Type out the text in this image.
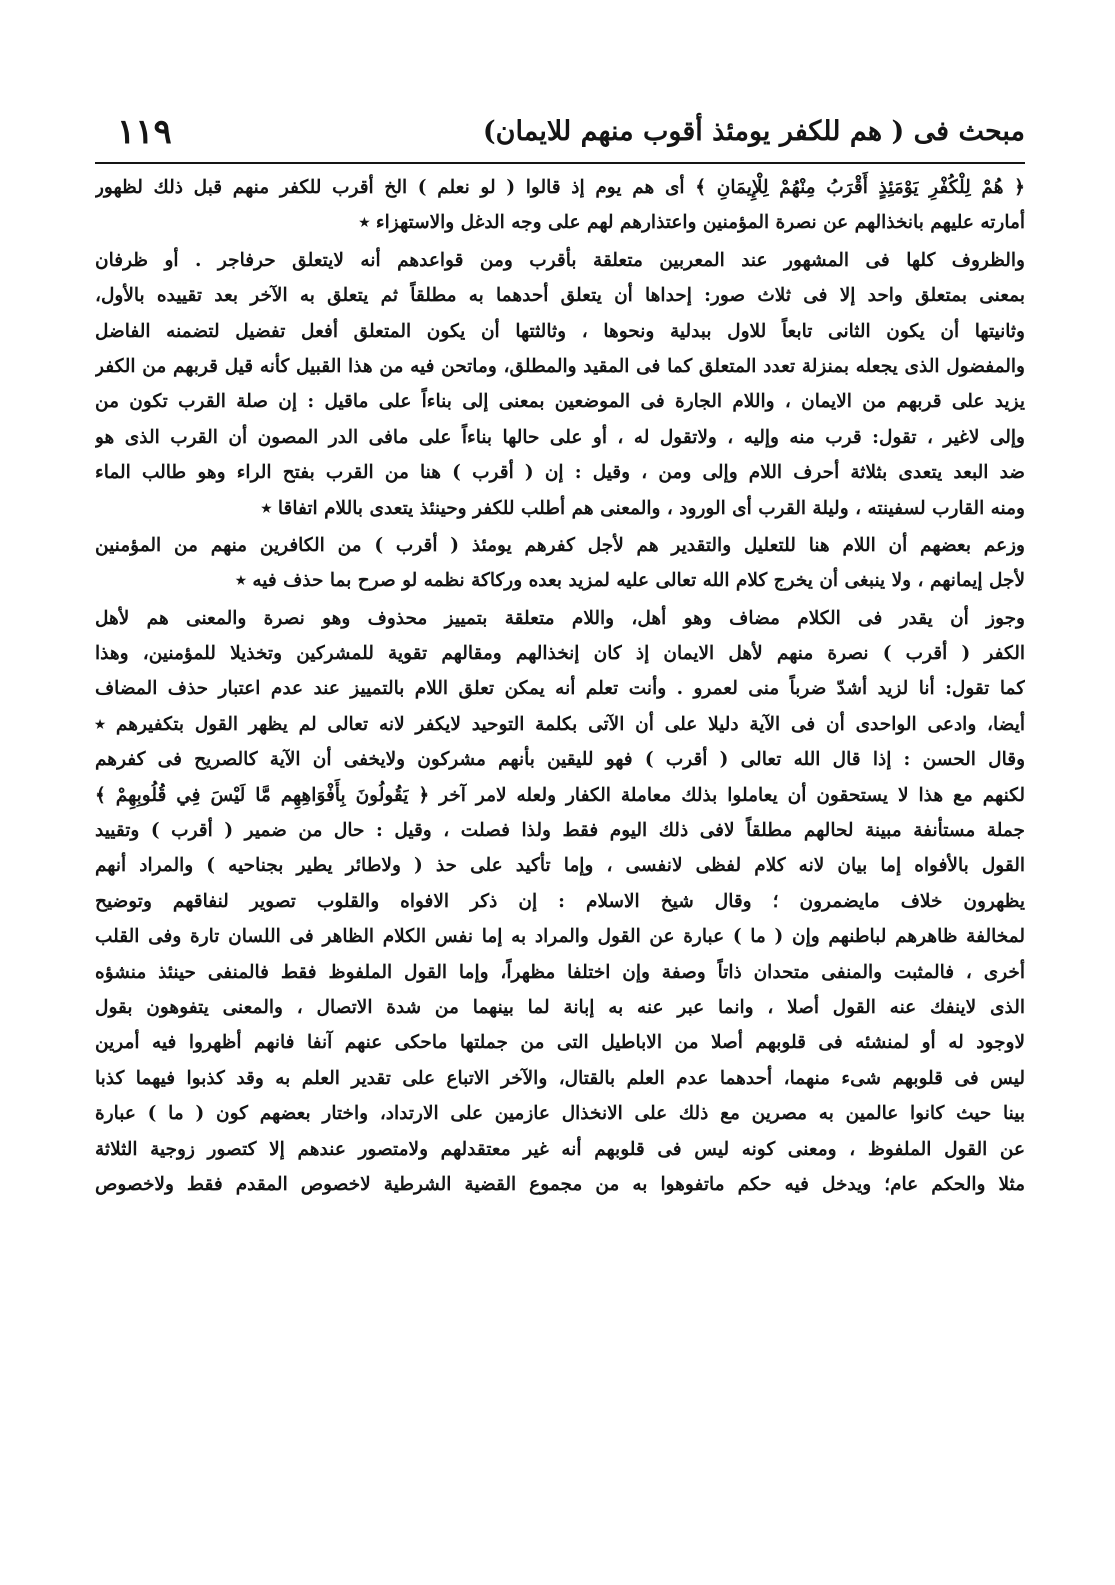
مبحث فى ( هم للكفر يومئذ أقوب منهم للايمان)
١١٩
﴿ هُمْ لِلْكُفْرِ يَوْمَئِذٍ أَقْرَبُ مِنْهُمْ لِلْإِيمَانِ ﴾ أى هم يوم إذ قالوا ( لو نعلم ) الخ أقرب للكفر منهم قبل ذلك لظهور
أمارته عليهم بانخذالهم عن نصرة المؤمنين واعتذارهم لهم على وجه الدغل والاستهزاء ٭
والظروف كلها فى المشهور عند المعربين متعلقة بأقرب ومن قواعدهم أنه لايتعلق حرفاجر . أو ظرفان
بمعنى بمتعلق واحد إلا فى ثلاث صور: إحداها أن يتعلق أحدهما به مطلقاً ثم يتعلق به الآخر بعد تقييده بالأول،
وثانيتها أن يكون الثانى تابعاً للاول ببدلية ونحوها ، وثالثتها أن يكون المتعلق أفعل تفضيل لتضمنه الفاضل
والمفضول الذى يجعله بمنزلة تعدد المتعلق كما فى المقيد والمطلق، وماتحن فيه من هذا القبيل كأنه قيل قربهم من الكفر
يزيد على قربهم من الايمان ، واللام الجارة فى الموضعين بمعنى إلى بناءاً على ماقيل : إن صلة القرب تكون من
وإلى لاغير ، تقول: قرب منه وإليه ، ولاتقول له ، أو على حالها بناءاً على مافى الدر المصون أن القرب الذى هو
ضد البعد يتعدى بثلاثة أحرف اللام وإلى ومن ، وقيل : إن ( أقرب ) هنا من القرب بفتح الراء وهو طالب الماء
ومنه القارب لسفينته ، وليلة القرب أى الورود ، والمعنى هم أطلب للكفر وحينئذ يتعدى باللام اتفاقا ٭
وزعم بعضهم أن اللام هنا للتعليل والتقدير هم لأجل كفرهم يومئذ ( أقرب ) من الكافرين منهم من المؤمنين
لأجل إيمانهم ، ولا ينبغى أن يخرج كلام الله تعالى عليه لمزيد بعده وركاكة نظمه لو صرح بما حذف فيه ٭
وجوز أن يقدر فى الكلام مضاف وهو أهل، واللام متعلقة بتمييز محذوف وهو نصرة والمعنى هم لأهل
الكفر ( أقرب ) نصرة منهم لأهل الايمان إذ كان إنخذالهم ومقالهم تقوية للمشركين وتخذيلا للمؤمنين، وهذا
كما تقول: أنا لزيد أشدّ ضرباً منى لعمرو . وأنت تعلم أنه يمكن تعلق اللام بالتمييز عند عدم اعتبار حذف المضاف
أيضا، وادعى الواحدى أن فى الآية دليلا على أن الآتى بكلمة التوحيد لايكفر لانه تعالى لم يظهر القول بتكفيرهم ٭
وقال الحسن : إذا قال الله تعالى ( أقرب ) فهو لليقين بأنهم مشركون ولايخفى أن الآية كالصريح فى كفرهم
لكنهم مع هذا لا يستحقون أن يعاملوا بذلك معاملة الكفار ولعله لامر آخر ﴿ يَقُولُونَ بِأَفْوَاهِهِم مَّا لَيْسَ فِي قُلُوبِهِمْ ﴾
جملة مستأنفة مبينة لحالهم مطلقاً لافى ذلك اليوم فقط ولذا فصلت ، وقيل : حال من ضمير ( أقرب ) وتقييد
القول بالأفواه إما بيان لانه كلام لفظى لانفسى ، وإما تأكيد على حذ ( ولاطائر يطير بجناحيه ) والمراد أنهم
يظهرون خلاف مايضمرون ؛ وقال شيخ الاسلام : إن ذكر الافواه والقلوب تصوير لنفاقهم وتوضيح
لمخالفة ظاهرهم لباطنهم وإن ( ما ) عبارة عن القول والمراد به إما نفس الكلام الظاهر فى اللسان تارة وفى القلب
أخرى ، فالمثبت والمنفى متحدان ذاتاً وصفة وإن اختلفا مظهراً، وإما القول الملفوظ فقط فالمنفى حينئذ منشؤه
الذى لاينفك عنه القول أصلا ، وانما عبر عنه به إبانة لما بينهما من شدة الاتصال ، والمعنى يتفوهون بقول
لاوجود له أو لمنشئه فى قلوبهم أصلا من الاباطيل التى من جملتها ماحكى عنهم آنفا فانهم أظهروا فيه أمرين
ليس فى قلوبهم شىء منهما، أحدهما عدم العلم بالقتال، والآخر الاتباع على تقدير العلم به وقد كذبوا فيهما كذبا
بينا حيث كانوا عالمين به مصرين مع ذلك على الانخذال عازمين على الارتداد، واختار بعضهم كون ( ما ) عبارة
عن القول الملفوظ ، ومعنى كونه ليس فى قلوبهم أنه غير معتقدلهم ولامتصور عندهم إلا كتصور زوجية الثلاثة
مثلا والحكم عام؛ ويدخل فيه حكم ماتفوهوا به من مجموع القضية الشرطية لاخصوص المقدم فقط ولاخصوص
